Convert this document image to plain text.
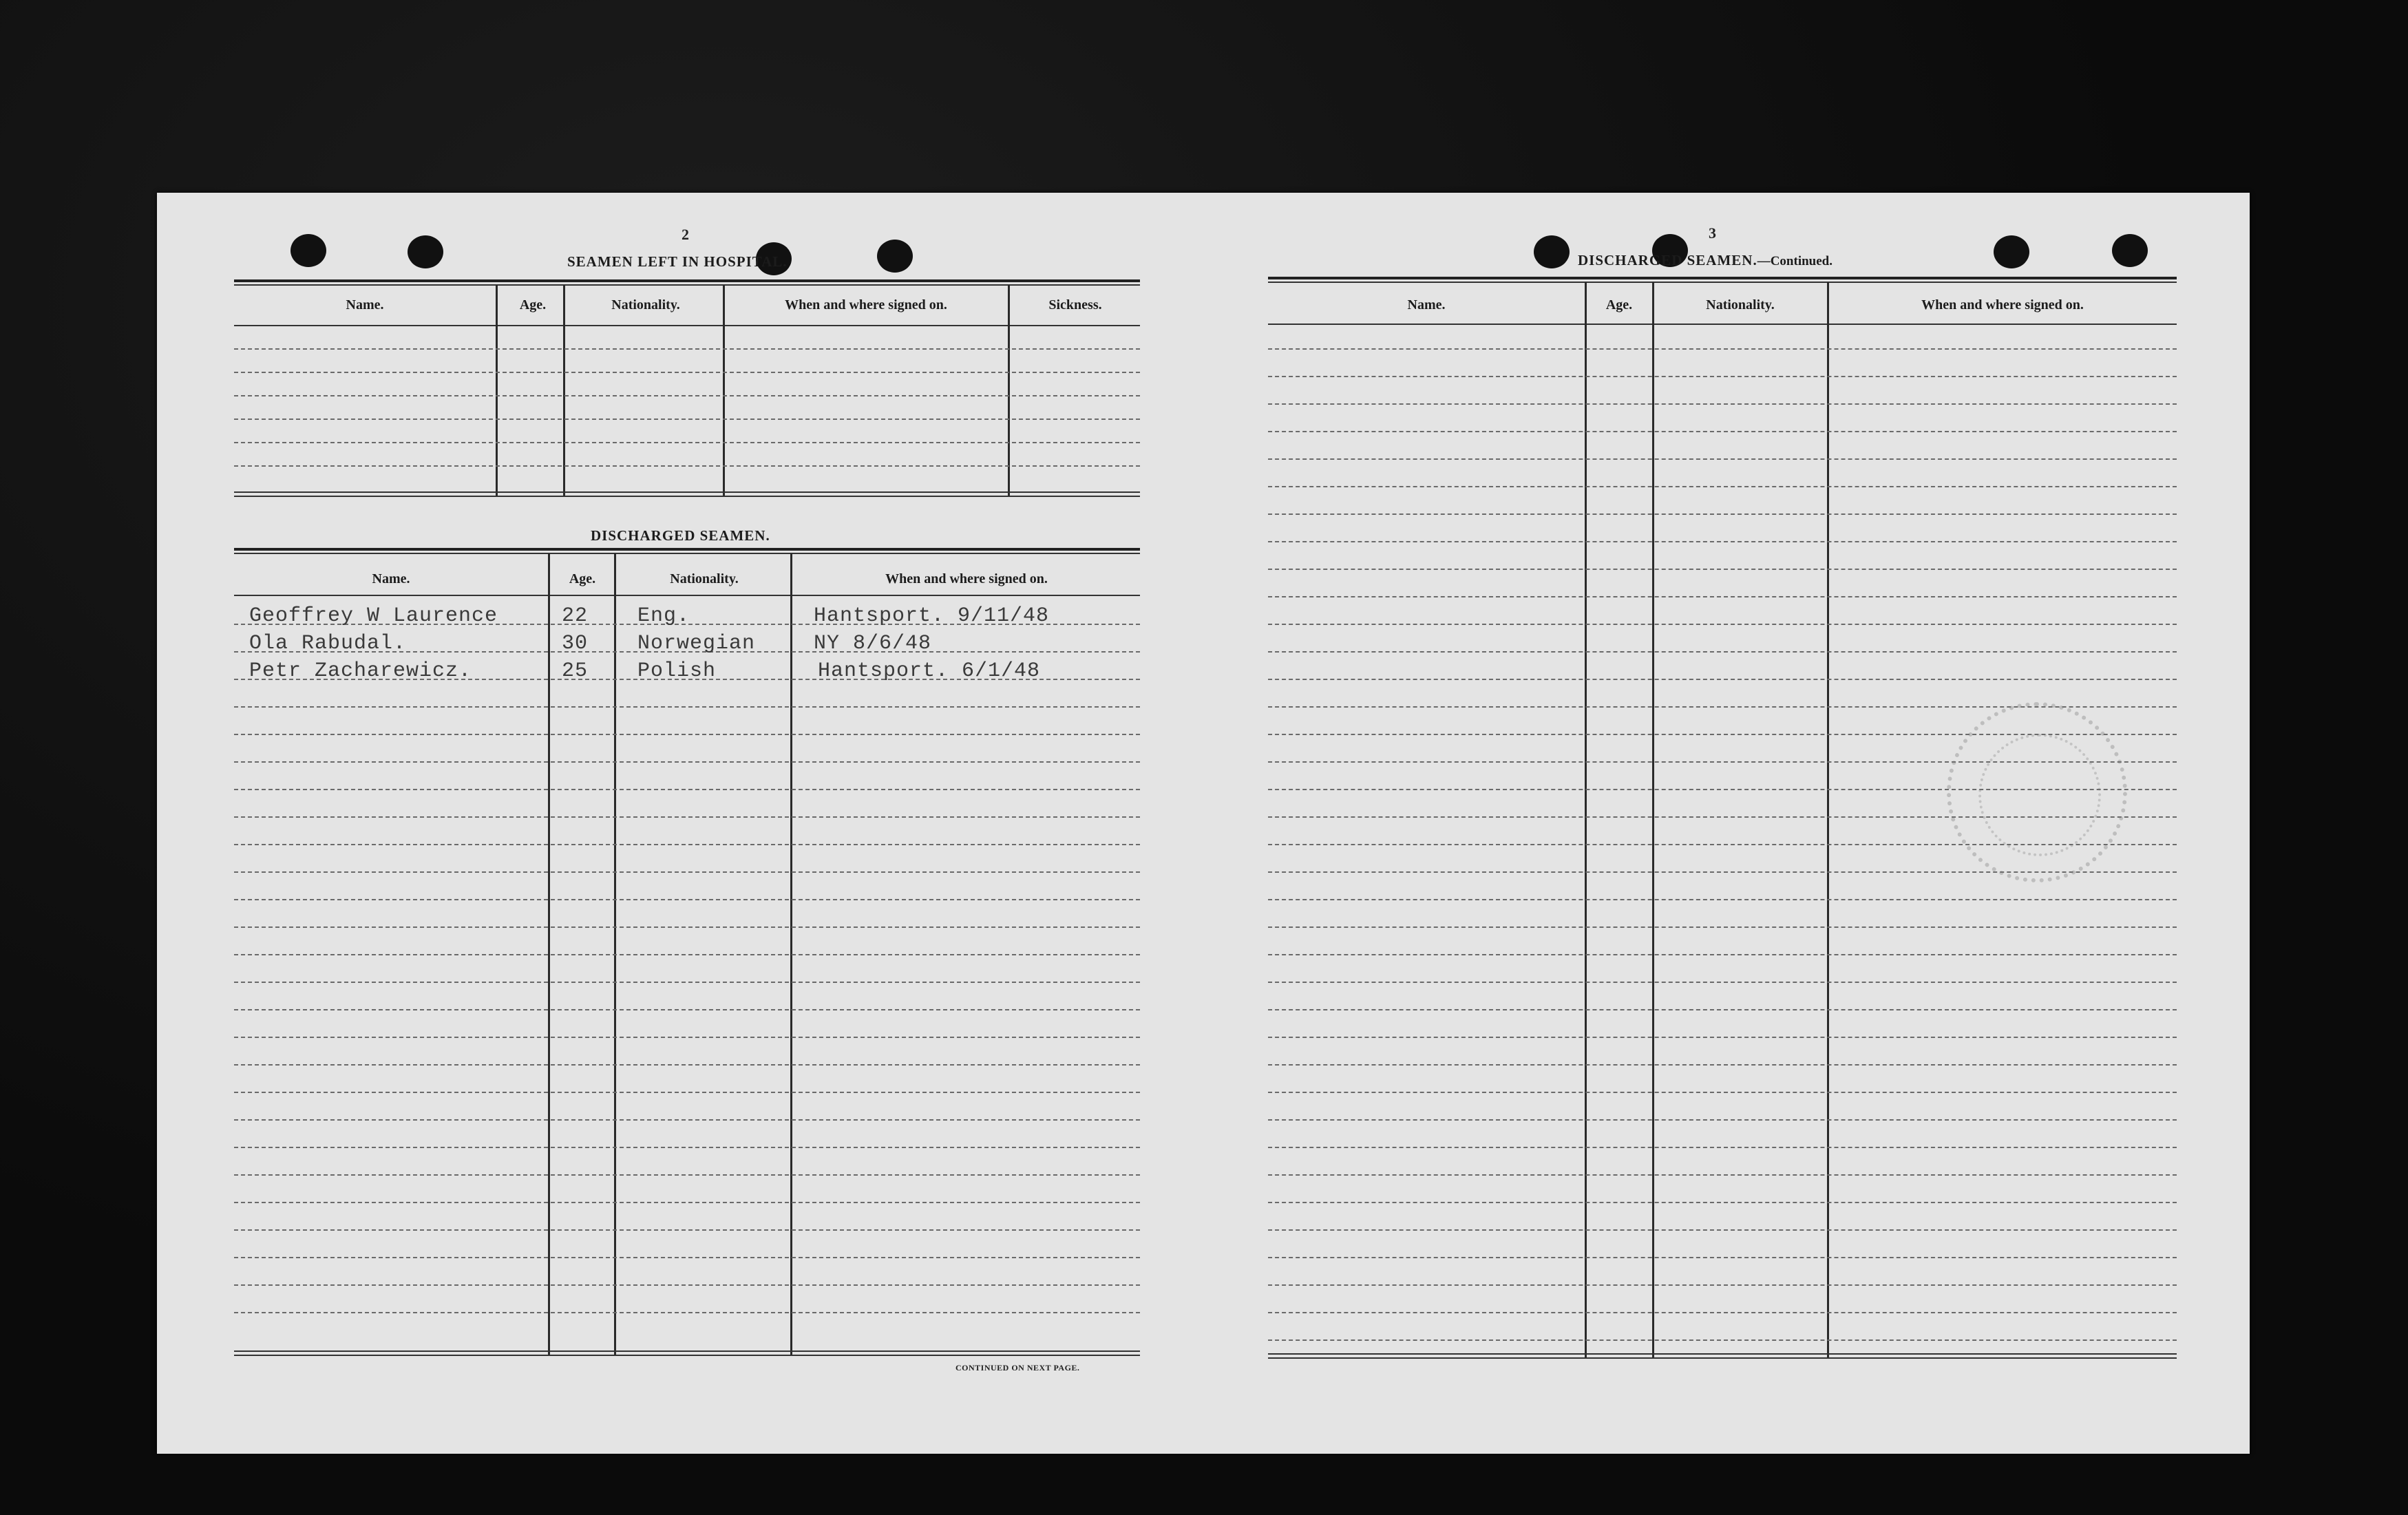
2
SEAMEN LEFT IN HOSPITAL.
Name.	Age.	Nationality.	When and where signed on.	Sickness.
DISCHARGED SEAMEN.
Name.	Age.	Nationality.	When and where signed on.
Geoffrey W Laurence	22 Eng.	Hantsport. 9/11/48
Ola Rabudal.	30 Norwegian	NY 8/6/48
Petr Zacharewicz.	25 Polish	Hantsport. 6/1/48
CONTINUED ON NEXT PAGE.
3
DISCHARGED SEAMEN.—Continued.
Name.	Age.	Nationality.	When and where signed on.
